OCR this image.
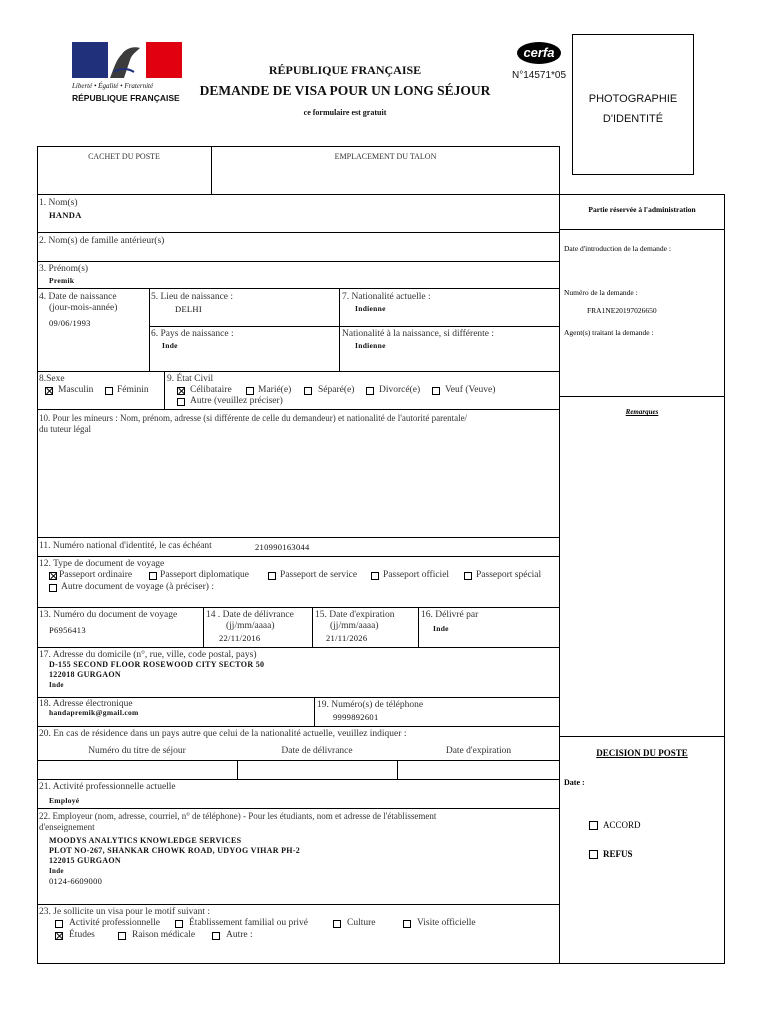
Liberté • Égalité • Fraternité
RÉPUBLIQUE FRANÇAISE
RÉPUBLIQUE FRANÇAISE
DEMANDE DE VISA POUR UN LONG SÉJOUR
ce formulaire est gratuit
cerfa
N°14571*05
PHOTOGRAPHIE
D'IDENTITÉ
CACHET DU POSTE	EMPLACEMENT DU TALON
1. Nom(s)
HANDA
2. Nom(s) de famille antérieur(s)
3. Prénom(s)
Premik
4. Date de naissance
(jour-mois-année)
09/06/1993
5. Lieu de naissance :
DELHI
7. Nationalité actuelle :
Indienne
6. Pays de naissance :
Inde
Nationalité à la naissance, si différente :
Indienne
8.Sexe
Masculin Féminin
9. État Civil
Célibataire	Marié(e)	Séparé(e)	Divorcé(e)	Veuf (Veuve)
Autre (veuillez préciser)
10. Pour les mineurs : Nom, prénom, adresse (si différente de celle du demandeur) et nationalité de l'autorité parentale/
du tuteur légal
11. Numéro national d'identité, le cas échéant	210990163044
12. Type de document de voyage
Passeport ordinaire	Passeport diplomatique	Passeport de service	Passeport officiel	Passeport spécial
Autre document de voyage (à préciser) :
13. Numéro du document de voyage
P6956413
14 . Date de délivrance
(jj/mm/aaaa)
22/11/2016
15. Date d'expiration
(jj/mm/aaaa)
21/11/2026
16. Délivré par
Inde
17. Adresse du domicile (n°, rue, ville, code postal, pays)
D-155 SECOND FLOOR ROSEWOOD CITY SECTOR 50
122018 GURGAON
Inde
18. Adresse électronique
handapremik@gmail.com
19. Numéro(s) de téléphone
9999892601
20. En cas de résidence dans un pays autre que celui de la nationalité actuelle, veuillez indiquer :
Numéro du titre de séjour	Date de délivrance	Date d'expiration
21. Activité professionnelle actuelle
Employé
22. Employeur (nom, adresse, courriel, n° de téléphone) - Pour les étudiants, nom et adresse de l'établissement
d'enseignement
MOODYS ANALYTICS KNOWLEDGE SERVICES
PLOT NO-267, SHANKAR CHOWK ROAD, UDYOG VIHAR PH-2
122015 GURGAON
Inde
0124-6609000
23. Je sollicite un visa pour le motif suivant :
Activité professionnelle	Établissement familial ou privé	Culture	Visite officielle
Études	Raison médicale	Autre :
Partie réservée à l'administration
Date d'introduction de la demande :
Numéro de la demande :
FRA1NE20197026650
Agent(s) traitant la demande :
Remarques
DECISION DU POSTE
Date :
ACCORD
REFUS
